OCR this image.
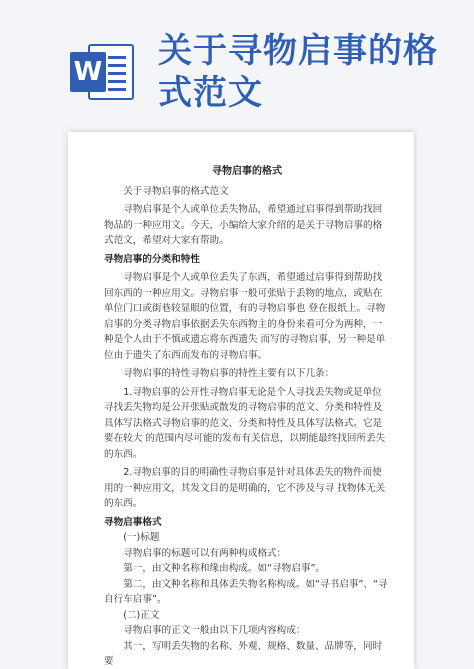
W
关于寻物启事的格式范文
寻物启事的格式

关于寻物启事的格式范文

寻物启事是个人或单位丢失物品，希望通过启事得到帮助找回物品的一种应用文。今天，小编给大家介绍的是关于寻物启事的格式范文，希望对大家有帮助。

寻物启事的分类和特性

寻物启事是个人或单位丢失了东西，希望通过启事得到帮助找回东西的一种应用文。寻物启事一般可张贴于丢物的地点，或贴在单位门口或街巷较显眼的位置，有的寻物启事也 登在报纸上。寻物启事的分类寻物启事依据丢失东西物主的身份来看可分为两种，一种是个人由于不慎或遗忘将东西遗失 而写的寻物启事，另一种是单位由于遗失了东西而发布的寻物启事。

寻物启事的特性寻物启事的特性主要有以下几条：

1.寻物启事的公开性寻物启事无论是个人寻找丢失物或是单位寻找丢失物均是公开张贴或散发的寻物启事的范文、分类和特性及具体写法格式寻物启事的范文、分类和特性及具体写法格式。它是要在较大 的范围内尽可能的发布有关信息，以期能最终找回所丢失的东西。

2.寻物启事的目的明确性寻物启事是针对具体丢失的物件而使用的一种应用文，其发文目的是明确的，它不涉及与寻 找物体无关的东西。

寻物启事格式

(一)标题

寻物启事的标题可以有两种构成格式：

第一，由文种名称和缘由构成。如“寻物启事”。

第二，由文种名称和具体丢失物名称构成。如“寻书启事”、“寻自行车启事”。

(二)正文

寻物启事的正文一般由以下几项内容构成：

其一，写明丢失物的名称、外观、规格、数量、品牌等，同时要
